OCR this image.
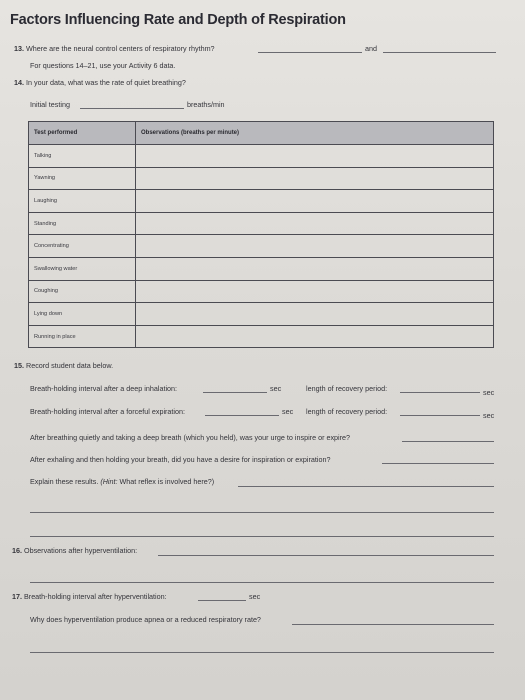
Factors Influencing Rate and Depth of Respiration
13. Where are the neural control centers of respiratory rhythm?	and
For questions 14–21, use your Activity 6 data.
14. In your data, what was the rate of quiet breathing?
Initial testing	breaths/min
Test performed	Observations (breaths per minute)
Talking	
Yawning	
Laughing	
Standing	
Concentrating	
Swallowing water	
Coughing	
Lying down	
Running in place	
15. Record student data below.
Breath-holding interval after a deep inhalation:	sec	length of recovery period:	sec
Breath-holding interval after a forceful expiration:	sec length of recovery period:	sec
After breathing quietly and taking a deep breath (which you held), was your urge to inspire or expire?
After exhaling and then holding your breath, did you have a desire for inspiration or expiration?
Explain these results. (Hint: What reflex is involved here?)
16. Observations after hyperventilation:
17. Breath-holding interval after hyperventilation:	sec
Why does hyperventilation produce apnea or a reduced respiratory rate?
